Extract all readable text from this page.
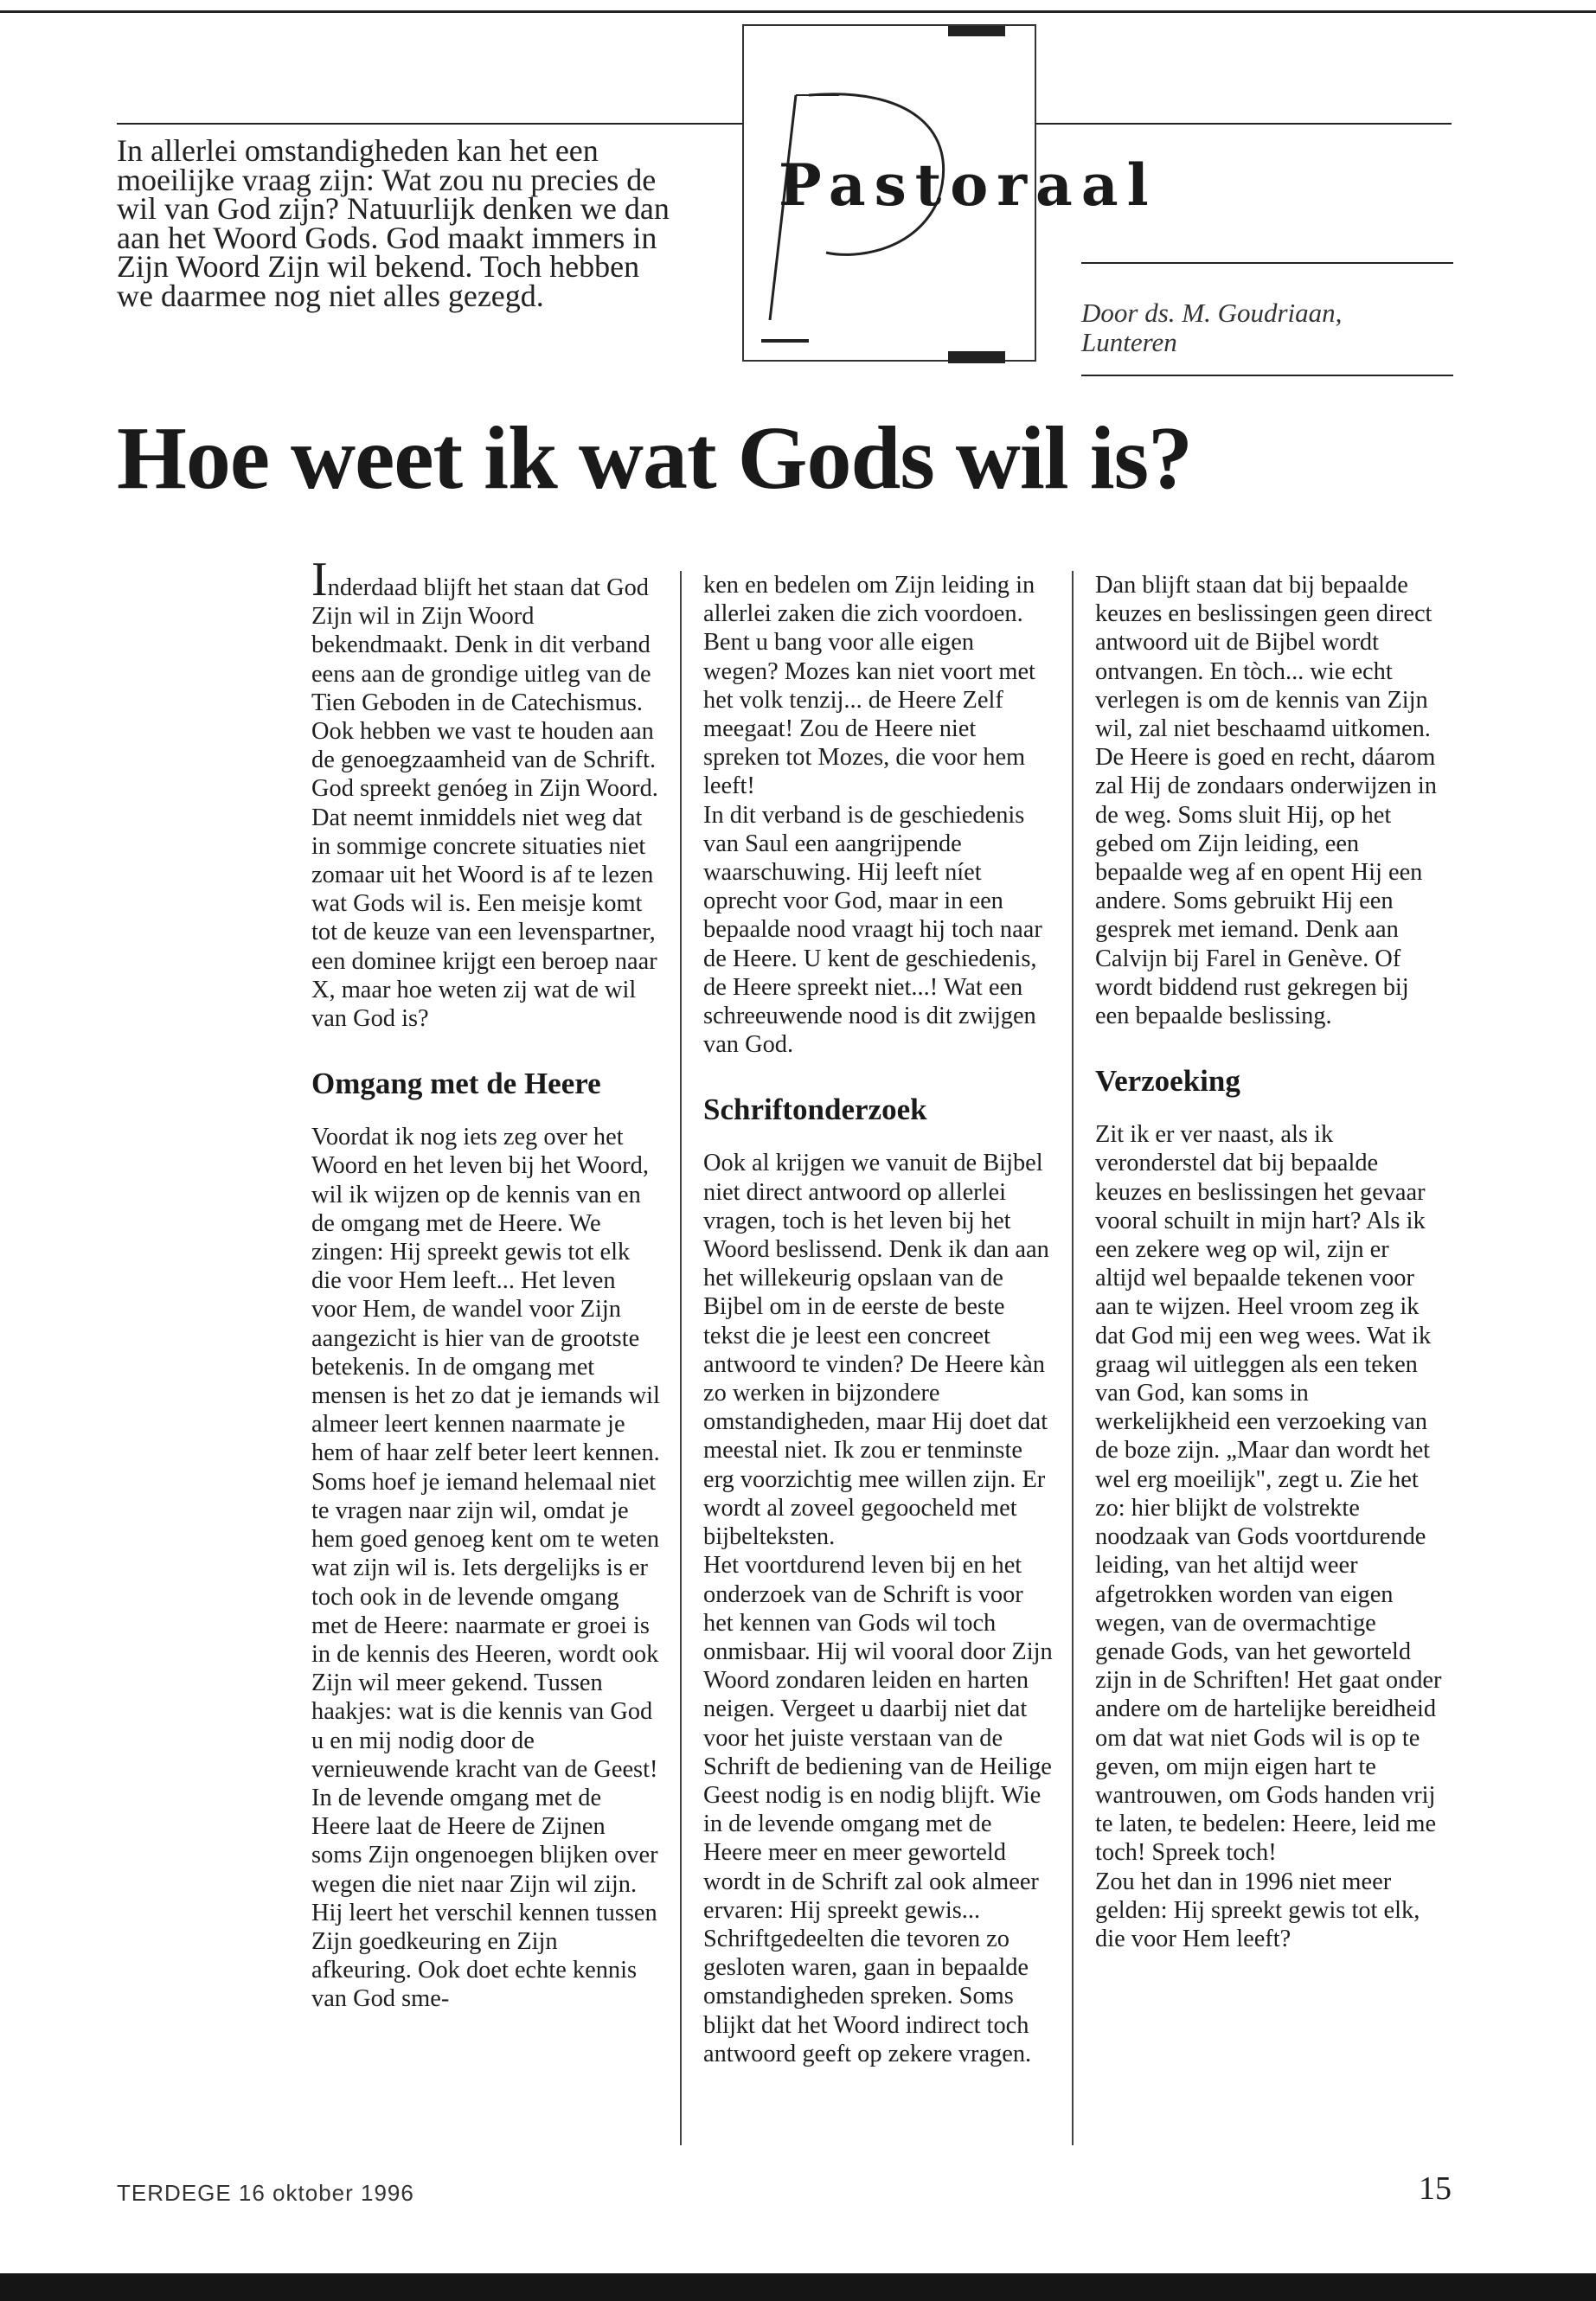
In allerlei omstandigheden kan het een moeilijke vraag zijn: Wat zou nu precies de wil van God zijn? Natuurlijk denken we dan aan het Woord Gods. God maakt immers in Zijn Woord Zijn wil bekend. Toch hebben we daarmee nog niet alles gezegd.

Pastoraal

Door ds. M. Goudriaan,
Lunteren

Hoe weet ik wat Gods wil is?

Inderdaad blijft het staan dat God Zijn wil in Zijn Woord bekendmaakt. Denk in dit verband eens aan de grondige uitleg van de Tien Geboden in de Catechismus. Ook hebben we vast te houden aan de genoegzaamheid van de Schrift. God spreekt genóeg in Zijn Woord. Dat neemt inmiddels niet weg dat in sommige concrete situaties niet zomaar uit het Woord is af te lezen wat Gods wil is. Een meisje komt tot de keuze van een levenspartner, een dominee krijgt een beroep naar X, maar hoe weten zij wat de wil van God is?

Omgang met de Heere

Voordat ik nog iets zeg over het Woord en het leven bij het Woord, wil ik wijzen op de kennis van en de omgang met de Heere. We zingen: Hij spreekt gewis tot elk die voor Hem leeft... Het leven voor Hem, de wandel voor Zijn aangezicht is hier van de grootste betekenis. In de omgang met mensen is het zo dat je iemands wil almeer leert kennen naarmate je hem of haar zelf beter leert kennen. Soms hoef je iemand helemaal niet te vragen naar zijn wil, omdat je hem goed genoeg kent om te weten wat zijn wil is. Iets dergelijks is er toch ook in de levende omgang met de Heere: naarmate er groei is in de kennis des Heeren, wordt ook Zijn wil meer gekend. Tussen haakjes: wat is die kennis van God u en mij nodig door de vernieuwende kracht van de Geest!

In de levende omgang met de Heere laat de Heere de Zijnen soms Zijn ongenoegen blijken over wegen die niet naar Zijn wil zijn. Hij leert het verschil kennen tussen Zijn goedkeuring en Zijn afkeuring. Ook doet echte kennis van God sme-

ken en bedelen om Zijn leiding in allerlei zaken die zich voordoen. Bent u bang voor alle eigen wegen? Mozes kan niet voort met het volk tenzij... de Heere Zelf meegaat! Zou de Heere niet spreken tot Mozes, die voor hem leeft!

In dit verband is de geschiedenis van Saul een aangrijpende waarschuwing. Hij leeft níet oprecht voor God, maar in een bepaalde nood vraagt hij toch naar de Heere. U kent de geschiedenis, de Heere spreekt niet...! Wat een schreeuwende nood is dit zwijgen van God.

Schriftonderzoek

Ook al krijgen we vanuit de Bijbel niet direct antwoord op allerlei vragen, toch is het leven bij het Woord beslissend. Denk ik dan aan het willekeurig opslaan van de Bijbel om in de eerste de beste tekst die je leest een concreet antwoord te vinden? De Heere kàn zo werken in bijzondere omstandigheden, maar Hij doet dat meestal niet. Ik zou er tenminste erg voorzichtig mee willen zijn. Er wordt al zoveel gegoocheld met bijbelteksten.

Het voortdurend leven bij en het onderzoek van de Schrift is voor het kennen van Gods wil toch onmisbaar. Hij wil vooral door Zijn Woord zondaren leiden en harten neigen. Vergeet u daarbij niet dat voor het juiste verstaan van de Schrift de bediening van de Heilige Geest nodig is en nodig blijft. Wie in de levende omgang met de Heere meer en meer geworteld wordt in de Schrift zal ook almeer ervaren: Hij spreekt gewis... Schriftgedeelten die tevoren zo gesloten waren, gaan in bepaalde omstandigheden spreken. Soms blijkt dat het Woord indirect toch antwoord geeft op zekere vragen.

Dan blijft staan dat bij bepaalde keuzes en beslissingen geen direct antwoord uit de Bijbel wordt ontvangen. En tòch... wie echt verlegen is om de kennis van Zijn wil, zal niet beschaamd uitkomen. De Heere is goed en recht, dáarom zal Hij de zondaars onderwijzen in de weg. Soms sluit Hij, op het gebed om Zijn leiding, een bepaalde weg af en opent Hij een andere. Soms gebruikt Hij een gesprek met iemand. Denk aan Calvijn bij Farel in Genève. Of wordt biddend rust gekregen bij een bepaalde beslissing.

Verzoeking

Zit ik er ver naast, als ik veronderstel dat bij bepaalde keuzes en beslissingen het gevaar vooral schuilt in mijn hart? Als ik een zekere weg op wil, zijn er altijd wel bepaalde tekenen voor aan te wijzen. Heel vroom zeg ik dat God mij een weg wees. Wat ik graag wil uitleggen als een teken van God, kan soms in werkelijkheid een verzoeking van de boze zijn. „Maar dan wordt het wel erg moeilijk", zegt u. Zie het zo: hier blijkt de volstrekte noodzaak van Gods voortdurende leiding, van het altijd weer afgetrokken worden van eigen wegen, van de overmachtige genade Gods, van het geworteld zijn in de Schriften! Het gaat onder andere om de hartelijke bereidheid om dat wat niet Gods wil is op te geven, om mijn eigen hart te wantrouwen, om Gods handen vrij te laten, te bedelen: Heere, leid me toch! Spreek toch!

Zou het dan in 1996 niet meer gelden: Hij spreekt gewis tot elk, die voor Hem leeft?

TERDEGE 16 oktober 1996	15
